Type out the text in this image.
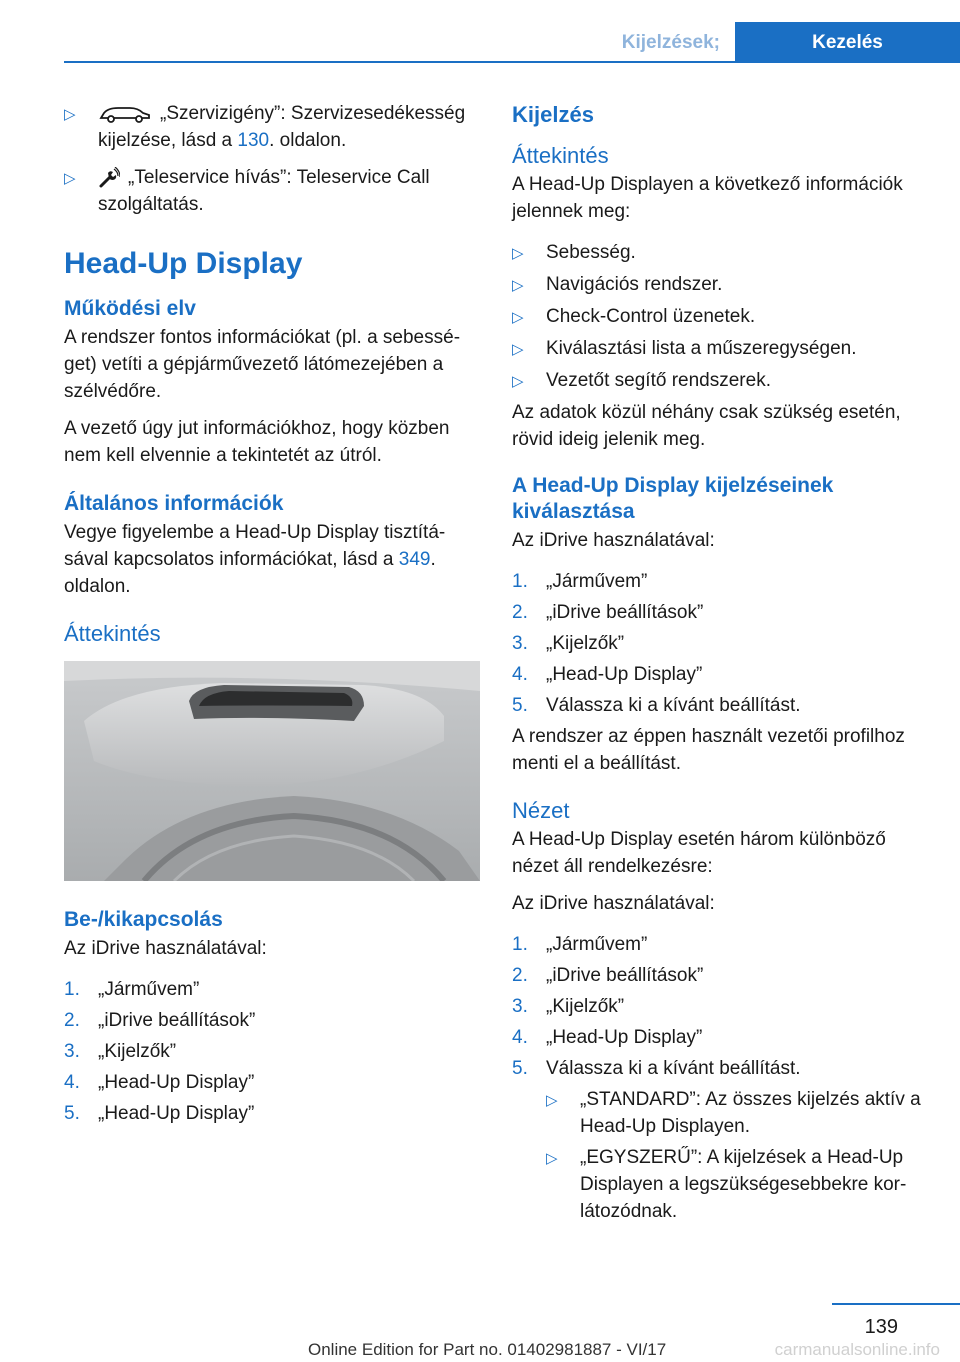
Kijelzések;	Kezelés
▷	„Szervizigény”: Szervizesedékesség kijelzése, lásd a 130. oldalon.
▷	„Teleservice hívás”: Teleservice Call szolgáltatás.
Head-Up Display
Működési elv

A rendszer fontos információkat (pl. a sebességet) vetíti a gépjárművezető látómezejében a szélvédőre.

A vezető úgy jut információkhoz, hogy közben nem kell elvennie a tekintetét az útról.

Általános információk

Vegye figyelembe a Head-Up Display tisztításával kapcsolatos információkat, lásd a 349. oldalon.

Áttekintés
Be-/kikapcsolás

Az iDrive használatával:

1. „Járművem”
2. „iDrive beállítások”
3. „Kijelzők”
4. „Head-Up Display”
5. „Head-Up Display”
Kijelzés
Áttekintés

A Head-Up Displayen a következő információk jelennek meg:

▷	Sebesség.
▷	Navigációs rendszer.
▷	Check-Control üzenetek.
▷	Kiválasztási lista a műszeregységen.
▷	Vezetőt segítő rendszerek.

Az adatok közül néhány csak szükség esetén, rövid ideig jelenik meg.

A Head-Up Display kijelzéseinek kiválasztása

Az iDrive használatával:

1. „Járművem”
2. „iDrive beállítások”
3. „Kijelzők”
4. „Head-Up Display”
5. Válassza ki a kívánt beállítást.

A rendszer az éppen használt vezetői profilhoz menti el a beállítást.

Nézet

A Head-Up Display esetén három különböző nézet áll rendelkezésre:

Az iDrive használatával:

1. „Járművem”
2. „iDrive beállítások”
3. „Kijelzők”
4. „Head-Up Display”
5. Válassza ki a kívánt beállítást.
▷	„STANDARD”: Az összes kijelzés aktív a Head-Up Displayen.
▷	„EGYSZERŰ”: A kijelzések a Head-Up Displayen a legszükségesebbekre korlátozódnak.
139
Online Edition for Part no. 01402981887 - VI/17	carmanualsonline.info
